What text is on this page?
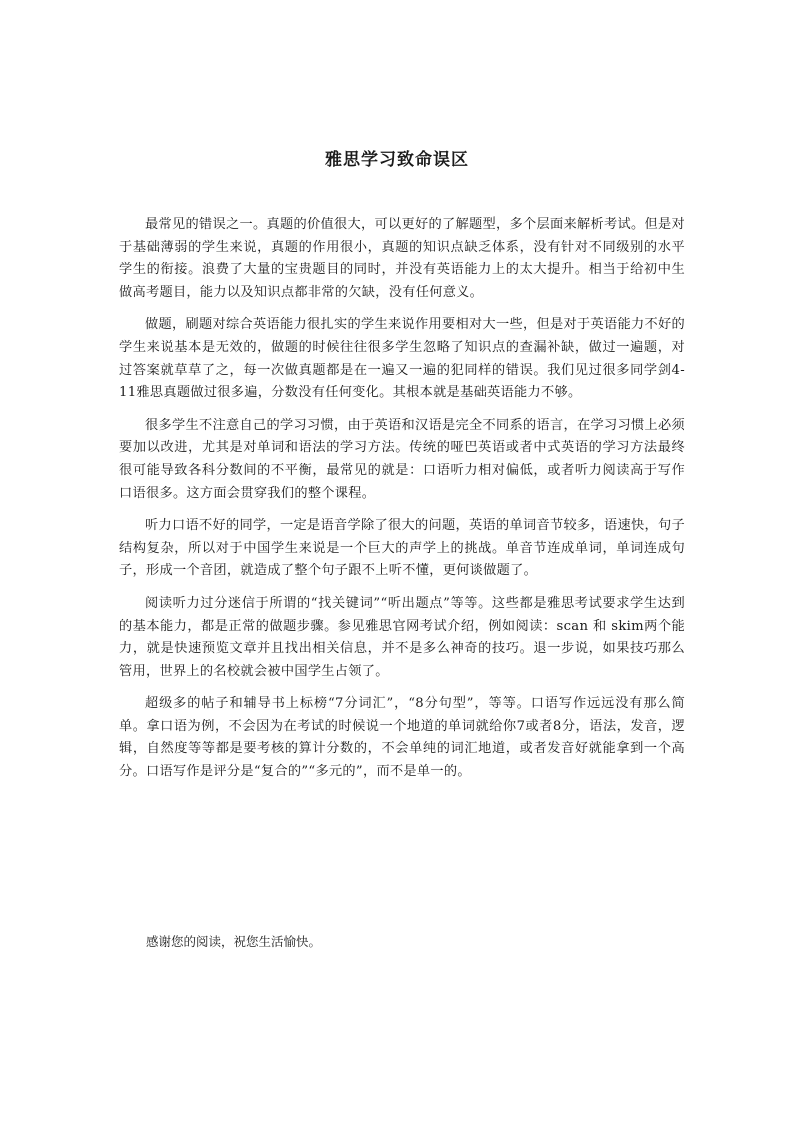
雅思学习致命误区

最常见的错误之一。真题的价值很大，可以更好的了解题型，多个层面来解析考试。但是对于基础薄弱的学生来说，真题的作用很小，真题的知识点缺乏体系，没有针对不同级别的水平学生的衔接。浪费了大量的宝贵题目的同时，并没有英语能力上的太大提升。相当于给初中生做高考题目，能力以及知识点都非常的欠缺，没有任何意义。

做题，刷题对综合英语能力很扎实的学生来说作用要相对大一些，但是对于英语能力不好的学生来说基本是无效的，做题的时候往往很多学生忽略了知识点的查漏补缺，做过一遍题，对过答案就草草了之，每一次做真题都是在一遍又一遍的犯同样的错误。我们见过很多同学剑4-11雅思真题做过很多遍，分数没有任何变化。其根本就是基础英语能力不够。

很多学生不注意自己的学习习惯，由于英语和汉语是完全不同系的语言，在学习习惯上必须要加以改进，尤其是对单词和语法的学习方法。传统的哑巴英语或者中式英语的学习方法最终很可能导致各科分数间的不平衡，最常见的就是：口语听力相对偏低，或者听力阅读高于写作口语很多。这方面会贯穿我们的整个课程。

听力口语不好的同学，一定是语音学除了很大的问题，英语的单词音节较多，语速快，句子结构复杂，所以对于中国学生来说是一个巨大的声学上的挑战。单音节连成单词，单词连成句子，形成一个音团，就造成了整个句子跟不上听不懂，更何谈做题了。

阅读听力过分迷信于所谓的“找关键词”“听出题点”等等。这些都是雅思考试要求学生达到的基本能力，都是正常的做题步骤。参见雅思官网考试介绍，例如阅读：scan 和 skim两个能力，就是快速预览文章并且找出相关信息，并不是多么神奇的技巧。退一步说，如果技巧那么管用，世界上的名校就会被中国学生占领了。

超级多的帖子和辅导书上标榜“7分词汇”，“8分句型”，等等。口语写作远远没有那么简单。拿口语为例，不会因为在考试的时候说一个地道的单词就给你7或者8分，语法，发音，逻辑，自然度等等都是要考核的算计分数的，不会单纯的词汇地道，或者发音好就能拿到一个高分。口语写作是评分是“复合的”“多元的”，而不是单一的。

感谢您的阅读，祝您生活愉快。
